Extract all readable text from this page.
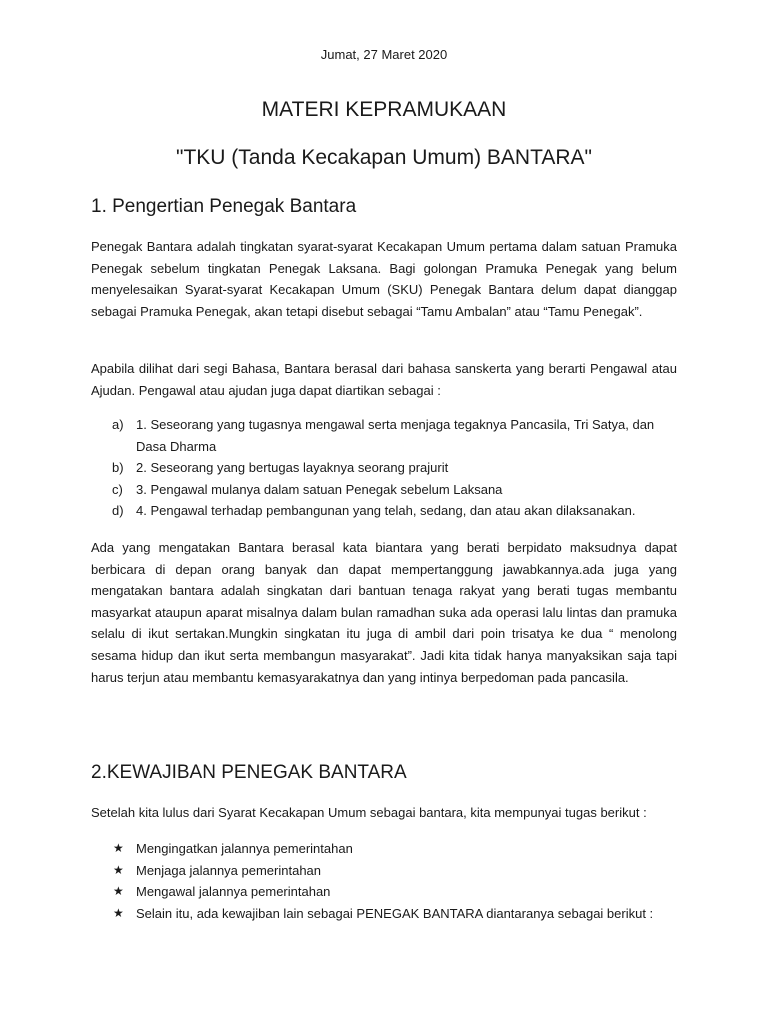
Jumat, 27 Maret 2020
MATERI KEPRAMUKAAN
"TKU (Tanda Kecakapan Umum) BANTARA"
1. Pengertian Penegak Bantara

Penegak Bantara adalah tingkatan syarat-syarat Kecakapan Umum pertama dalam satuan Pramuka Penegak sebelum tingkatan Penegak Laksana. Bagi golongan Pramuka Penegak yang belum menyelesaikan Syarat-syarat Kecakapan Umum (SKU) Penegak Bantara delum dapat dianggap sebagai Pramuka Penegak, akan tetapi disebut sebagai “Tamu Ambalan” atau “Tamu Penegak”.

Apabila dilihat dari segi Bahasa, Bantara berasal dari bahasa sanskerta yang berarti Pengawal atau Ajudan. Pengawal atau ajudan juga dapat diartikan sebagai :

a) 1. Seseorang yang tugasnya mengawal serta menjaga tegaknya Pancasila, Tri Satya, dan Dasa Dharma
b) 2. Seseorang yang bertugas layaknya seorang prajurit
c) 3. Pengawal mulanya dalam satuan Penegak sebelum Laksana
d) 4. Pengawal terhadap pembangunan yang telah, sedang, dan atau akan dilaksanakan.

Ada yang mengatakan Bantara berasal kata biantara yang berati berpidato maksudnya dapat berbicara di depan orang banyak dan dapat mempertanggung jawabkannya.ada juga yang mengatakan bantara adalah singkatan dari bantuan tenaga rakyat yang berati tugas membantu masyarkat ataupun aparat misalnya dalam bulan ramadhan suka ada operasi lalu lintas dan pramuka selalu di ikut sertakan.Mungkin singkatan itu juga di ambil dari poin trisatya ke dua “ menolong sesama hidup dan ikut serta membangun masyarakat”. Jadi kita tidak hanya manyaksikan saja tapi harus terjun atau membantu kemasyarakatnya dan yang intinya berpedoman pada pancasila.

2.KEWAJIBAN PENEGAK BANTARA

Setelah kita lulus dari Syarat Kecakapan Umum sebagai bantara, kita mempunyai tugas berikut :

★ Mengingatkan jalannya pemerintahan
★ Menjaga jalannya pemerintahan
★ Mengawal jalannya pemerintahan
★ Selain itu, ada kewajiban lain sebagai PENEGAK BANTARA diantaranya sebagai berikut :
